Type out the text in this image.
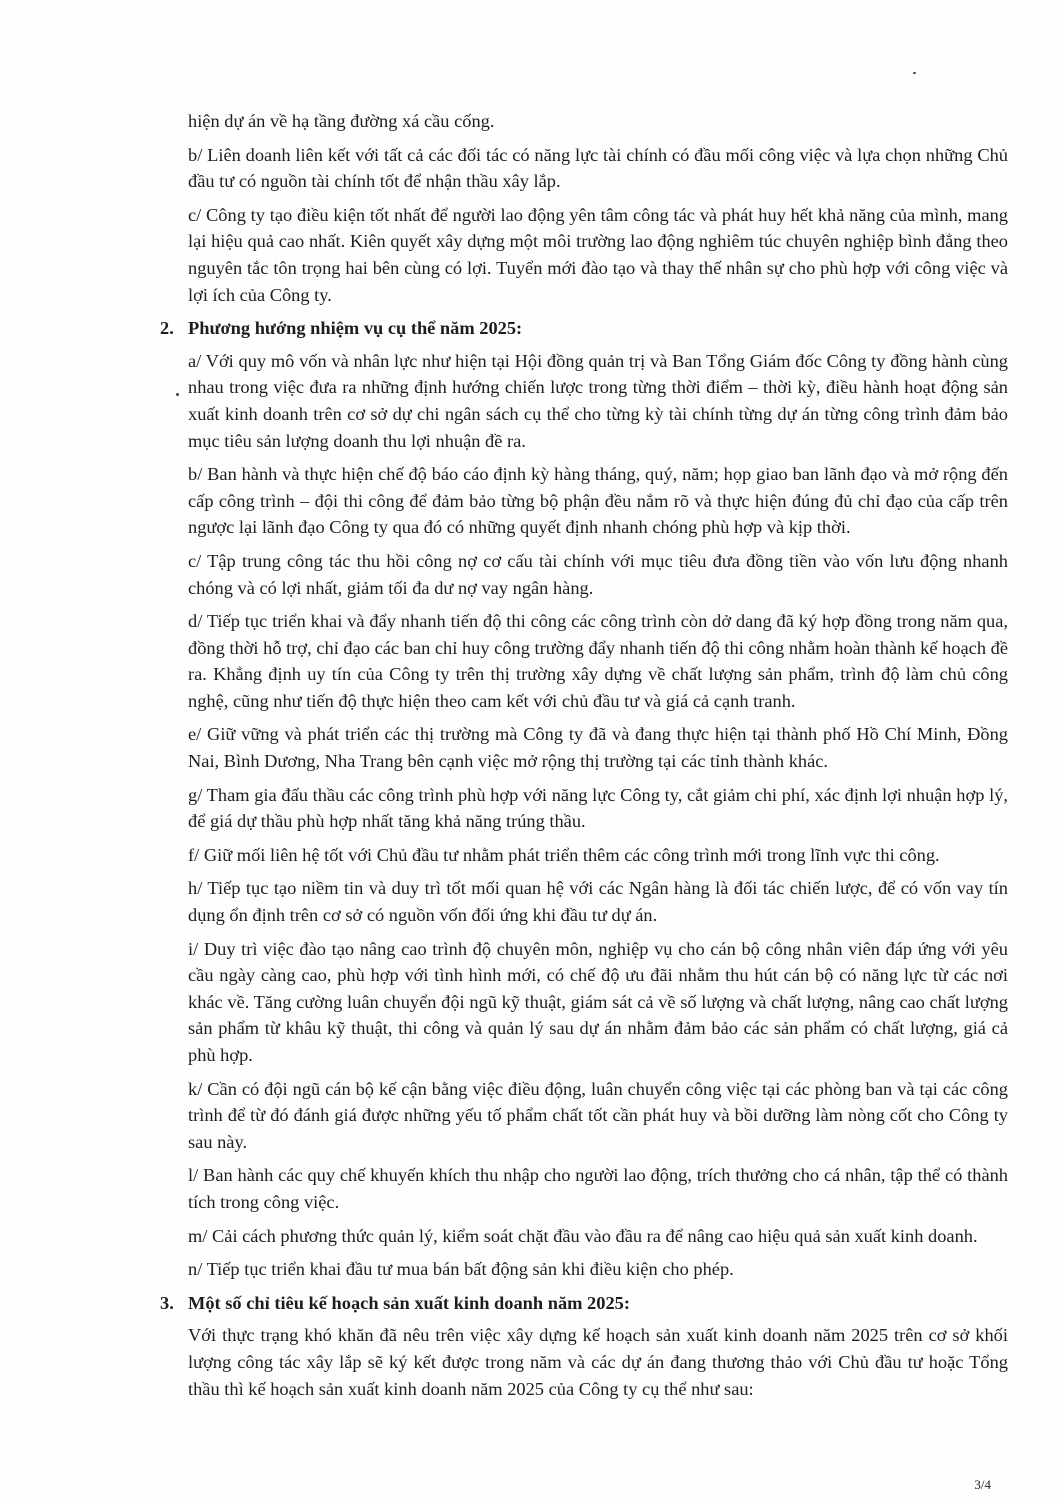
hiện dự án về hạ tầng đường xá cầu cống.

b/ Liên doanh liên kết với tất cả các đối tác có năng lực tài chính có đầu mối công việc và lựa chọn những Chủ đầu tư có nguồn tài chính tốt để nhận thầu xây lắp.

c/ Công ty tạo điều kiện tốt nhất để người lao động yên tâm công tác và phát huy hết khả năng của mình, mang lại hiệu quả cao nhất. Kiên quyết xây dựng một môi trường lao động nghiêm túc chuyên nghiệp bình đẳng theo nguyên tắc tôn trọng hai bên cùng có lợi. Tuyển mới đào tạo và thay thế nhân sự cho phù hợp với công việc và lợi ích của Công ty.

2. Phương hướng nhiệm vụ cụ thể năm 2025:

a/ Với quy mô vốn và nhân lực như hiện tại Hội đồng quản trị và Ban Tổng Giám đốc Công ty đồng hành cùng nhau trong việc đưa ra những định hướng chiến lược trong từng thời điểm – thời kỳ, điều hành hoạt động sản xuất kinh doanh trên cơ sở dự chi ngân sách cụ thể cho từng kỳ tài chính từng dự án từng công trình đảm bảo mục tiêu sản lượng doanh thu lợi nhuận đề ra.

b/ Ban hành và thực hiện chế độ báo cáo định kỳ hàng tháng, quý, năm; họp giao ban lãnh đạo và mở rộng đến cấp công trình – đội thi công để đảm bảo từng bộ phận đều nắm rõ và thực hiện đúng đủ chỉ đạo của cấp trên ngược lại lãnh đạo Công ty qua đó có những quyết định nhanh chóng phù hợp và kịp thời.

c/ Tập trung công tác thu hồi công nợ cơ cấu tài chính với mục tiêu đưa đồng tiền vào vốn lưu động nhanh chóng và có lợi nhất, giảm tối đa dư nợ vay ngân hàng.

d/ Tiếp tục triển khai và đẩy nhanh tiến độ thi công các công trình còn dở dang đã ký hợp đồng trong năm qua, đồng thời hỗ trợ, chỉ đạo các ban chỉ huy công trường đẩy nhanh tiến độ thi công nhằm hoàn thành kế hoạch đề ra. Khẳng định uy tín của Công ty trên thị trường xây dựng về chất lượng sản phẩm, trình độ làm chủ công nghệ, cũng như tiến độ thực hiện theo cam kết với chủ đầu tư và giá cả cạnh tranh.

e/ Giữ vững và phát triển các thị trường mà Công ty đã và đang thực hiện tại thành phố Hồ Chí Minh, Đồng Nai, Bình Dương, Nha Trang bên cạnh việc mở rộng thị trường tại các tỉnh thành khác.

g/ Tham gia đấu thầu các công trình phù hợp với năng lực Công ty, cắt giảm chi phí, xác định lợi nhuận hợp lý, để giá dự thầu phù hợp nhất tăng khả năng trúng thầu.

f/ Giữ mối liên hệ tốt với Chủ đầu tư nhằm phát triển thêm các công trình mới trong lĩnh vực thi công.

h/ Tiếp tục tạo niềm tin và duy trì tốt mối quan hệ với các Ngân hàng là đối tác chiến lược, để có vốn vay tín dụng ổn định trên cơ sở có nguồn vốn đối ứng khi đầu tư dự án.

i/ Duy trì việc đào tạo nâng cao trình độ chuyên môn, nghiệp vụ cho cán bộ công nhân viên đáp ứng với yêu cầu ngày càng cao, phù hợp với tình hình mới, có chế độ ưu đãi nhằm thu hút cán bộ có năng lực từ các nơi khác về. Tăng cường luân chuyển đội ngũ kỹ thuật, giám sát cả về số lượng và chất lượng, nâng cao chất lượng sản phẩm từ khâu kỹ thuật, thi công và quản lý sau dự án nhằm đảm bảo các sản phẩm có chất lượng, giá cả phù hợp.

k/ Cần có đội ngũ cán bộ kế cận bằng việc điều động, luân chuyển công việc tại các phòng ban và tại các công trình để từ đó đánh giá được những yếu tố phẩm chất tốt cần phát huy và bồi dưỡng làm nòng cốt cho Công ty sau này.

l/ Ban hành các quy chế khuyến khích thu nhập cho người lao động, trích thưởng cho cá nhân, tập thể có thành tích trong công việc.

m/ Cải cách phương thức quản lý, kiểm soát chặt đầu vào đầu ra để nâng cao hiệu quả sản xuất kinh doanh.

n/ Tiếp tục triển khai đầu tư mua bán bất động sản khi điều kiện cho phép.

3. Một số chỉ tiêu kế hoạch sản xuất kinh doanh năm 2025:

Với thực trạng khó khăn đã nêu trên việc xây dựng kế hoạch sản xuất kinh doanh năm 2025 trên cơ sở khối lượng công tác xây lắp sẽ ký kết được trong năm và các dự án đang thương thảo với Chủ đầu tư hoặc Tổng thầu thì kế hoạch sản xuất kinh doanh năm 2025 của Công ty cụ thể như sau:

3/4
